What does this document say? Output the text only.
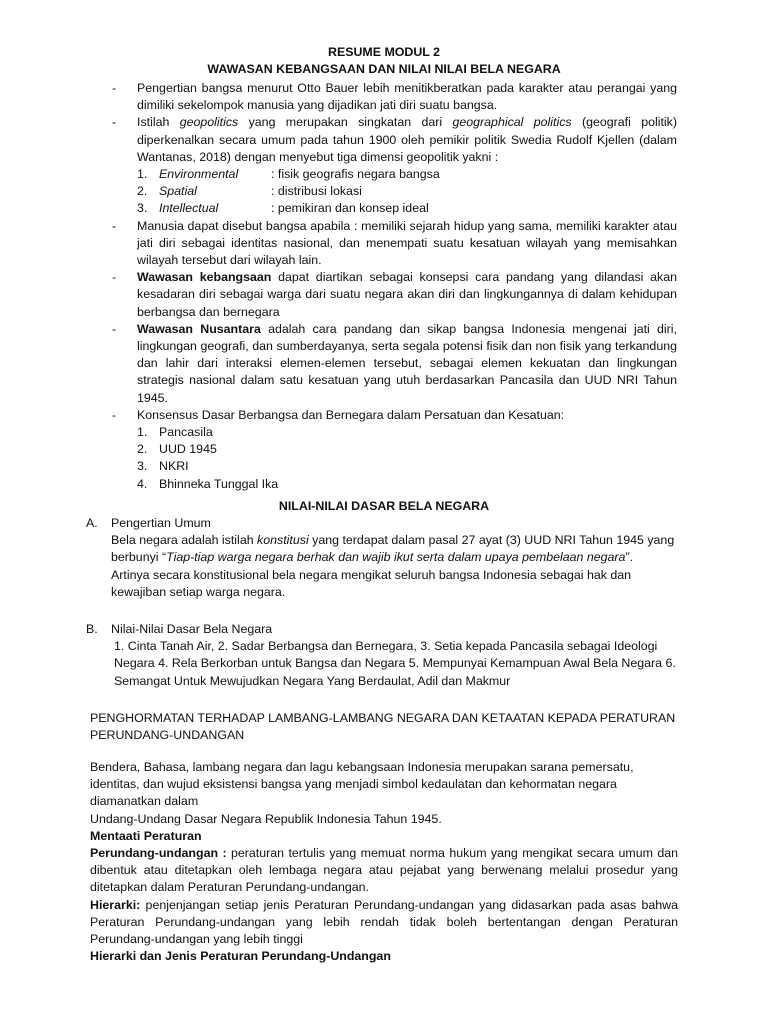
RESUME MODUL 2
WAWASAN KEBANGSAAN DAN NILAI NILAI BELA NEGARA
- Pengertian bangsa menurut Otto Bauer lebih menitikberatkan pada karakter atau perangai yang dimiliki sekelompok manusia yang dijadikan jati diri suatu bangsa.
- Istilah geopolitics yang merupakan singkatan dari geographical politics (geografi politik) diperkenalkan secara umum pada tahun 1900 oleh pemikir politik Swedia Rudolf Kjellen (dalam Wantanas, 2018) dengan menyebut tiga dimensi geopolitik yakni :
1. Environmental	: fisik geografis negara bangsa
2. Spatial	: distribusi lokasi
3. Intellectual	: pemikiran dan konsep ideal
- Manusia dapat disebut bangsa apabila : memiliki sejarah hidup yang sama, memiliki karakter atau jati diri sebagai identitas nasional, dan menempati suatu kesatuan wilayah yang memisahkan wilayah tersebut dari wilayah lain.
- Wawasan kebangsaan dapat diartikan sebagai konsepsi cara pandang yang dilandasi akan kesadaran diri sebagai warga dari suatu negara akan diri dan lingkungannya di dalam kehidupan berbangsa dan bernegara
- Wawasan Nusantara adalah cara pandang dan sikap bangsa Indonesia mengenai jati diri, lingkungan geografi, dan sumberdayanya, serta segala potensi fisik dan non fisik yang terkandung dan lahir dari interaksi elemen-elemen tersebut, sebagai elemen kekuatan dan lingkungan strategis nasional dalam satu kesatuan yang utuh berdasarkan Pancasila dan UUD NRI Tahun 1945.
- Konsensus Dasar Berbangsa dan Bernegara dalam Persatuan dan Kesatuan:
1. Pancasila
2. UUD 1945
3. NKRI
4. Bhinneka Tunggal Ika
NILAI-NILAI DASAR BELA NEGARA
A. Pengertian Umum
Bela negara adalah istilah konstitusi yang terdapat dalam pasal 27 ayat (3) UUD NRI Tahun 1945 yang berbunyi “Tiap-tiap warga negara berhak dan wajib ikut serta dalam upaya pembelaan negara”.
Artinya secara konstitusional bela negara mengikat seluruh bangsa Indonesia sebagai hak dan kewajiban setiap warga negara.
B. Nilai-Nilai Dasar Bela Negara
1. Cinta Tanah Air, 2. Sadar Berbangsa dan Bernegara, 3. Setia kepada Pancasila sebagai Ideologi Negara 4. Rela Berkorban untuk Bangsa dan Negara 5. Mempunyai Kemampuan Awal Bela Negara 6. Semangat Untuk Mewujudkan Negara Yang Berdaulat, Adil dan Makmur
PENGHORMATAN TERHADAP LAMBANG-LAMBANG NEGARA DAN KETAATAN KEPADA PERATURAN PERUNDANG-UNDANGAN
Bendera, Bahasa, lambang negara dan lagu kebangsaan Indonesia merupakan sarana pemersatu, identitas, dan wujud eksistensi bangsa yang menjadi simbol kedaulatan dan kehormatan negara diamanatkan dalam
Undang-Undang Dasar Negara Republik Indonesia Tahun 1945.
Mentaati Peraturan
Perundang-undangan : peraturan tertulis yang memuat norma hukum yang mengikat secara umum dan dibentuk atau ditetapkan oleh lembaga negara atau pejabat yang berwenang melalui prosedur yang ditetapkan dalam Peraturan Perundang-undangan.
Hierarki: penjenjangan setiap jenis Peraturan Perundang-undangan yang didasarkan pada asas bahwa Peraturan Perundang-undangan yang lebih rendah tidak boleh bertentangan dengan Peraturan Perundang-undangan yang lebih tinggi
Hierarki dan Jenis Peraturan Perundang-Undangan
